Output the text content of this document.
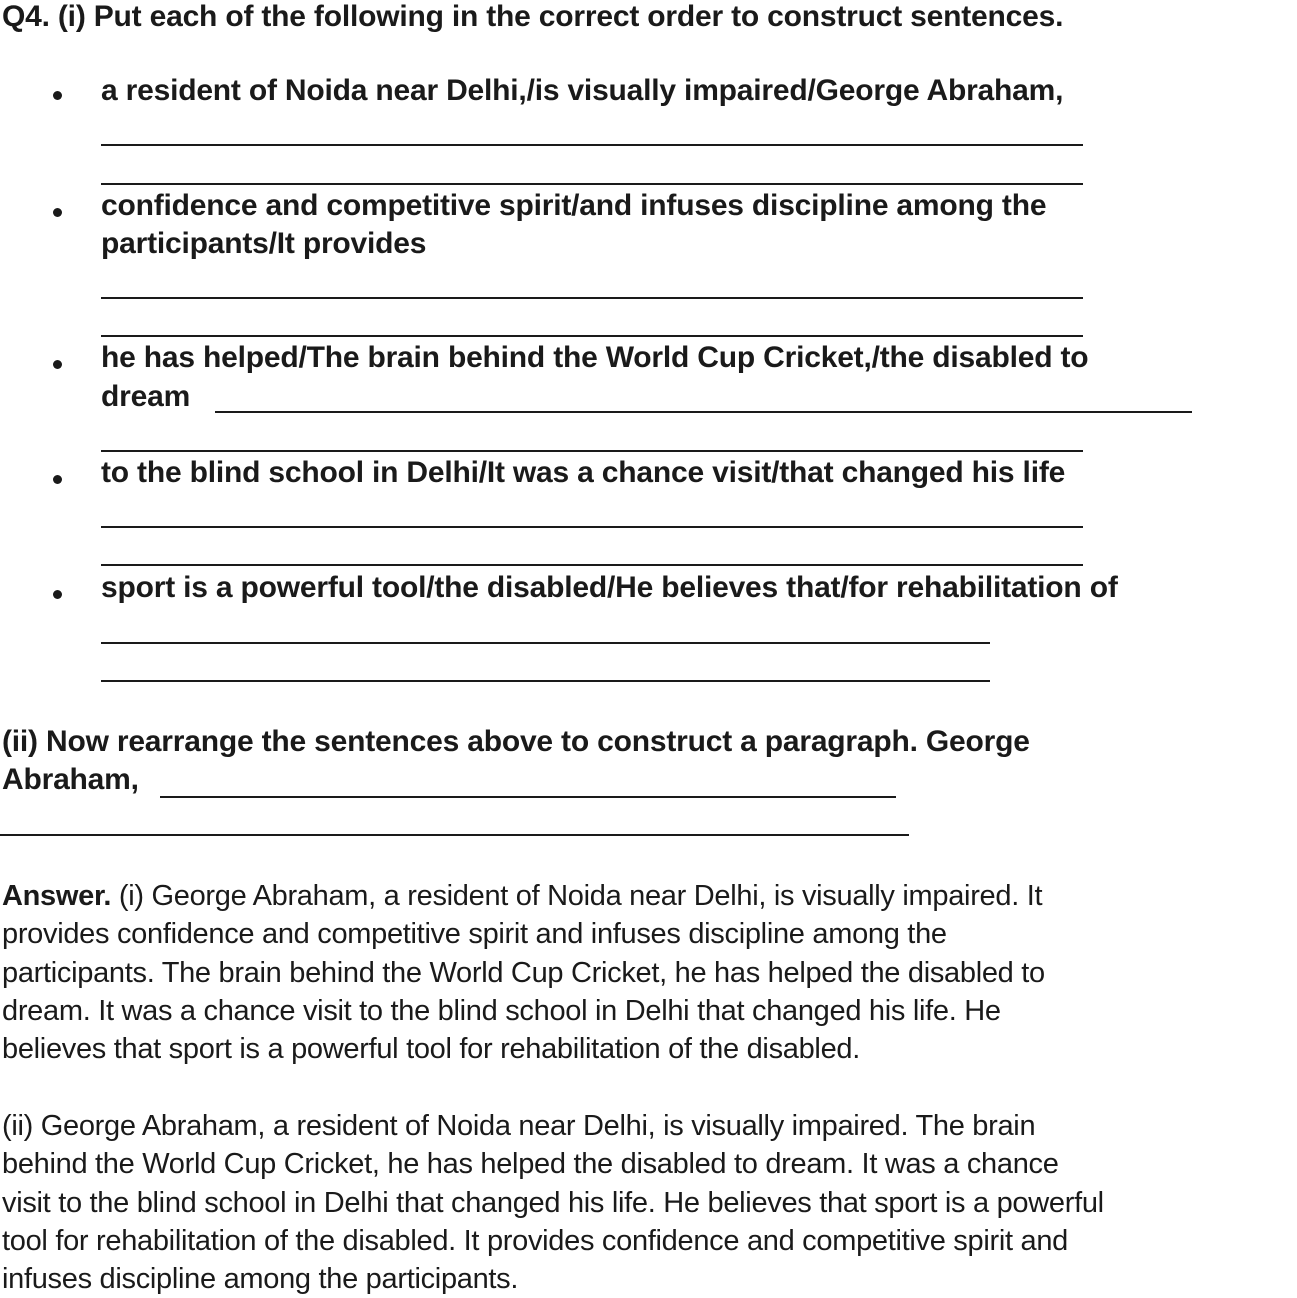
Q4. (i) Put each of the following in the correct order to construct sentences.
a resident of Noida near Delhi,/is visually impaired/George Abraham,
confidence and competitive spirit/and infuses discipline among the
participants/It provides
he has helped/The brain behind the World Cup Cricket,/the disabled to
dream
to the blind school in Delhi/It was a chance visit/that changed his life
sport is a powerful tool/the disabled/He believes that/for rehabilitation of
(ii) Now rearrange the sentences above to construct a paragraph. George
Abraham,

Answer. (i) George Abraham, a resident of Noida near Delhi, is visually impaired. It

provides confidence and competitive spirit and infuses discipline among the

participants. The brain behind the World Cup Cricket, he has helped the disabled to

dream. It was a chance visit to the blind school in Delhi that changed his life. He

believes that sport is a powerful tool for rehabilitation of the disabled.

(ii) George Abraham, a resident of Noida near Delhi, is visually impaired. The brain

behind the World Cup Cricket, he has helped the disabled to dream. It was a chance

visit to the blind school in Delhi that changed his life. He believes that sport is a powerful

tool for rehabilitation of the disabled. It provides confidence and competitive spirit and

infuses discipline among the participants.
